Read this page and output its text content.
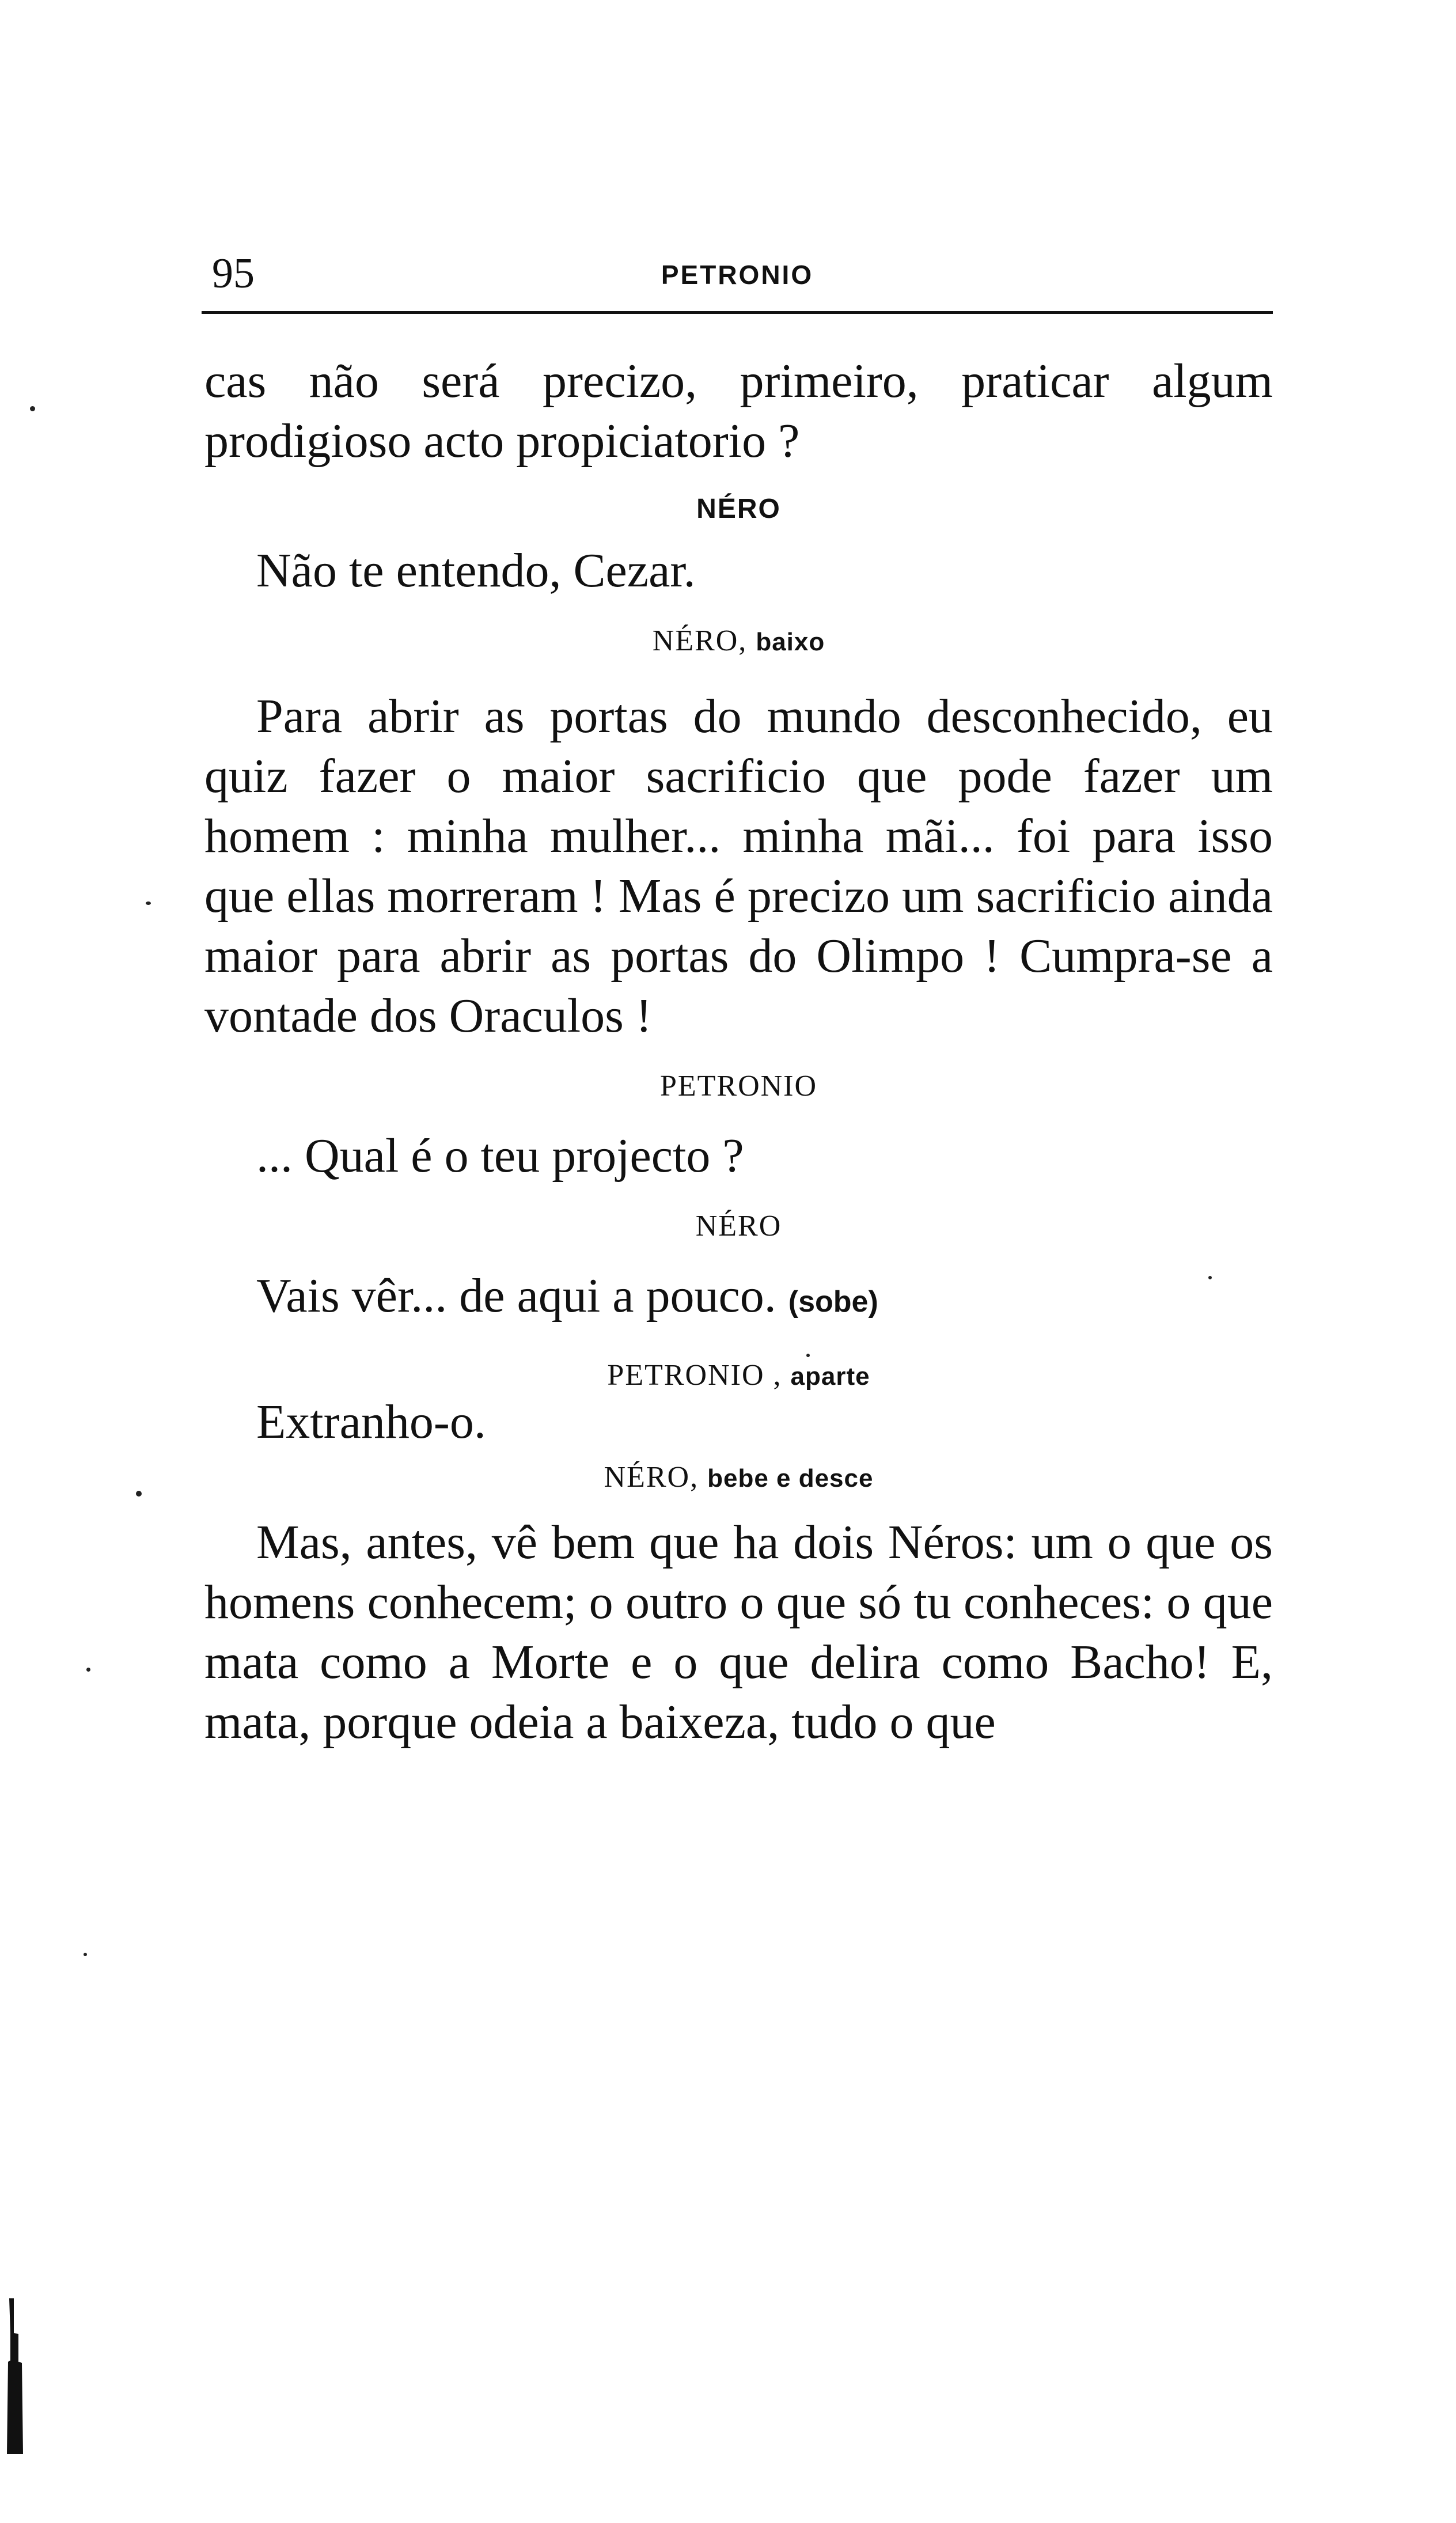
95	PETRONIO

cas não será precizo, primeiro, praticar algum prodigioso acto propiciatorio ?

NÉRO

Não te entendo, Cezar.

NÉRO, baixo

Para abrir as portas do mundo desconhecido, eu quiz fazer o maior sacrificio que pode fazer um homem : minha mulher... minha mãi... foi para isso que ellas morreram ! Mas é precizo um sacrificio ainda maior para abrir as portas do Olimpo ! Cumpra-se a vontade dos Oraculos !

PETRONIO

... Qual é o teu projecto ?

NÉRO

Vais vêr... de aqui a pouco. (sobe)

PETRONIO , aparte

Extranho-o.

NÉRO, bebe e desce

Mas, antes, vê bem que ha dois Néros: um o que os homens conhecem; o outro o que só tu conheces: o que mata como a Morte e o que delira como Bacho! E, mata, porque odeia a baixeza, tudo o que
